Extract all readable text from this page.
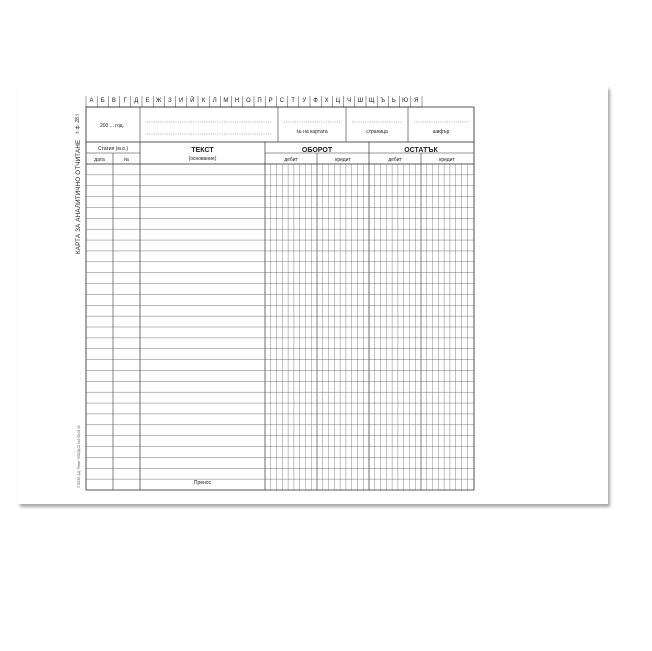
А	Б	В	Г	Д	Е	Ж	З	И	Й	К	Л	М	Н	О	П	Р	С	Т	У	Ф	Х	Ц	Ч	Ш Щ	Ъ	Ь	Ю	Я
КАРТА ЗА АНАЛИТИЧНО ОТЧИТАНЕ
т. ф. 28 I
© БЕЗЕ АД "Печат" ЕООД 02 943 00 03 45
200 ... год.
№ на картата	страница	шифър
Статия (м.о.)
дата	№
ТЕКСТ
(основание)
ОБОРОТ	ОСТАТЪК
дебит	кредит	дебит	кредит
Пренос
